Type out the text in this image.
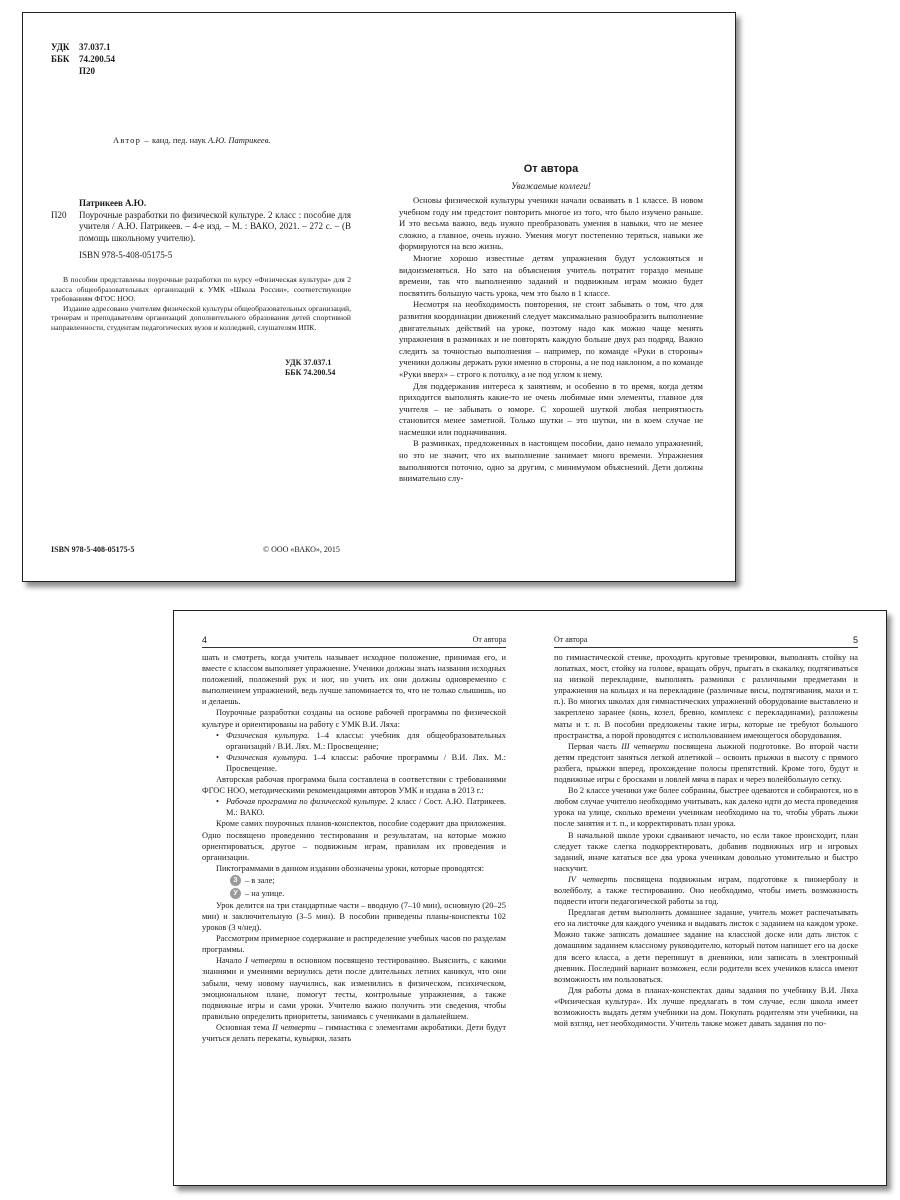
УДК	37.037.1
ББК	74.200.54
П20
Автор – канд. пед. наук А.Ю. Патрикеев.
Патрикеев А.Ю.
П20 Поурочные разработки по физической культуре. 2 класс : пособие для учителя / А.Ю. Патрикеев. – 4-е изд. – М. : ВАКО, 2021. – 272 с. – (В помощь школьному учителю).
ISBN 978-5-408-05175-5

В пособии представлены поурочные разработки по курсу «Физическая культура» для 2 класса общеобразовательных организаций к УМК «Школа России», соответствующие требованиям ФГОС НОО.

Издание адресовано учителям физической культуры общеобразовательных организаций, тренерам и преподавателям организаций дополнительного образования детей спортивной направленности, студентам педагогических вузов и колледжей, слушателям ИПК.

УДК 37.037.1
ББК 74.200.54
ISBN 978-5-408-05175-5	© ООО «ВАКО», 2015
От автора
Уважаемые коллеги!

Основы физической культуры ученики начали осваивать в 1 классе. В новом учебном году им предстоит повторить многое из того, что было изучено раньше. И это весьма важно, ведь нужно преобразовать умения в навыки, что не менее сложно, а главное, очень нужно. Умения могут постепенно теряться, навыки же формируются на всю жизнь.

Многие хорошо известные детям упражнения будут усложняться и видоизменяться. Но зато на объяснения учитель потратит гораздо меньше времени, так что выполнению заданий и подвижным играм можно будет посвятить большую часть урока, чем это было в 1 классе.

Несмотря на необходимость повторения, не стоит забывать о том, что для развития координации движений следует максимально разнообразить выполнение двигательных действий на уроке, поэтому надо как можно чаще менять упражнения в разминках и не повторять каждую больше двух раз подряд. Важно следить за точностью выполнения – например, по команде «Руки в стороны» ученики должны держать руки именно в стороны, а не под наклоном, а по команде «Руки вверх» – строго к потолку, а не под углом к нему.

Для поддержания интереса к занятиям, и особенно в то время, когда детям приходится выполнять какие-то не очень любимые ими элементы, главное для учителя – не забывать о юморе. С хорошей шуткой любая неприятность становится менее заметной. Только шутки – это шутки, ни в коем случае не насмешки или подначивания.

В разминках, предложенных в настоящем пособии, дано немало упражнений, но это не значит, что их выполнение занимает много времени. Упражнения выполняются поточно, одно за другим, с минимумом объяснений. Дети должны внимательно слу-

4	От автора

шать и смотреть, когда учитель называет исходное положение, принимая его, и вместе с классом выполняет упражнение. Ученики должны знать названия исходных положений, положений рук и ног, но учить их они должны одновременно с выполнением упражнений, ведь лучше запоминается то, что не только слышишь, но и делаешь.

Поурочные разработки созданы на основе рабочей программы по физической культуре и ориентированы на работу с УМК В.И. Ляха:

• Физическая культура. 1–4 классы: учебник для общеобразовательных организаций / В.И. Лях. М.: Просвещение;
• Физическая культура. 1–4 классы: рабочие программы / В.И. Лях. М.: Просвещение.

Авторская рабочая программа была составлена в соответствии с требованиями ФГОС НОО, методическими рекомендациями авторов УМК и издана в 2013 г.:

• Рабочая программа по физической культуре. 2 класс / Сост. А.Ю. Патрикеев. М.: ВАКО.

Кроме самих поурочных планов-конспектов, пособие содержит два приложения. Одно посвящено проведению тестирования и результатам, на которые можно ориентироваться, другое – подвижным играм, правилам их проведения и организации.

Пиктограммами в данном издании обозначены уроки, которые проводятся:

З – в зале;
У – на улице.

Урок делится на три стандартные части – вводную (7–10 мин), основную (20–25 мин) и заключительную (3–5 мин). В пособии приведены планы-конспекты 102 уроков (3 ч/нед).

Рассмотрим примерное содержание и распределение учебных часов по разделам программы.

Начало I четверти в основном посвящено тестированию. Выяснить, с какими знаниями и умениями вернулись дети после длительных летних каникул, что они забыли, чему новому научились, как изменились в физическом, психическом, эмоциональном плане, помогут тесты, контрольные упражнения, а также подвижные игры и сами уроки. Учителю важно получить эти сведения, чтобы правильно определить приоритеты, занимаясь с учениками в дальнейшем.

Основная тема II четверти – гимнастика с элементами акробатики. Дети будут учиться делать перекаты, кувырки, лазать

От автора	5

по гимнастической стенке, проходить круговые тренировки, выполнять стойку на лопатках, мост, стойку на голове, вращать обруч, прыгать в скакалку, подтягиваться на низкой перекладине, выполнять разминки с различными предметами и упражнения на кольцах и на перекладине (различные висы, подтягивания, махи и т. п.). Во многих школах для гимнастических упражнений оборудование выставлено и закреплено заранее (конь, козел, бревно, комплекс с перекладинами), разложены маты и т. п. В пособии предложены такие игры, которые не требуют большого пространства, а порой проводятся с использованием имеющегося оборудования.

Первая часть III четверти посвящена лыжной подготовке. Во второй части детям предстоит заняться легкой атлетикой – освоить прыжки в высоту с прямого разбега, прыжки вперед, прохождение полосы препятствий. Кроме того, будут и подвижные игры с бросками и ловлей мяча в парах и через волейбольную сетку.

Во 2 классе ученики уже более собранны, быстрее одеваются и собираются, но в любом случае учителю необходимо учитывать, как далеко идти до места проведения урока на улице, сколько времени ученикам необходимо на то, чтобы убрать лыжи после занятия и т. п., и корректировать план урока.

В начальной школе уроки сдваивают нечасто, но если такое происходит, план следует также слегка подкорректировать, добавив подвижных игр и игровых заданий, иначе кататься все два урока ученикам довольно утомительно и быстро наскучит.

IV четверть посвящена подвижным играм, подготовке к пионерболу и волейболу, а также тестированию. Оно необходимо, чтобы иметь возможность подвести итоги педагогической работы за год.

Предлагая детям выполнить домашнее задание, учитель может распечатывать его на листочке для каждого ученика и выдавать листок с заданием на каждом уроке. Можно также записать домашнее задание на классной доске или дать листок с домашним заданием классному руководителю, который потом напишет его на доске для всего класса, а дети перепишут в дневники, или записать в электронный дневник. Последний вариант возможен, если родители всех учеников класса имеют возможность им пользоваться.

Для работы дома в планах-конспектах даны задания по учебнику В.И. Ляха «Физическая культура». Их лучше предлагать в том случае, если школа имеет возможность выдать детям учебники на дом. Покупать родителям эти учебники, на мой взгляд, нет необходимости. Учитель также может давать задания по по-
